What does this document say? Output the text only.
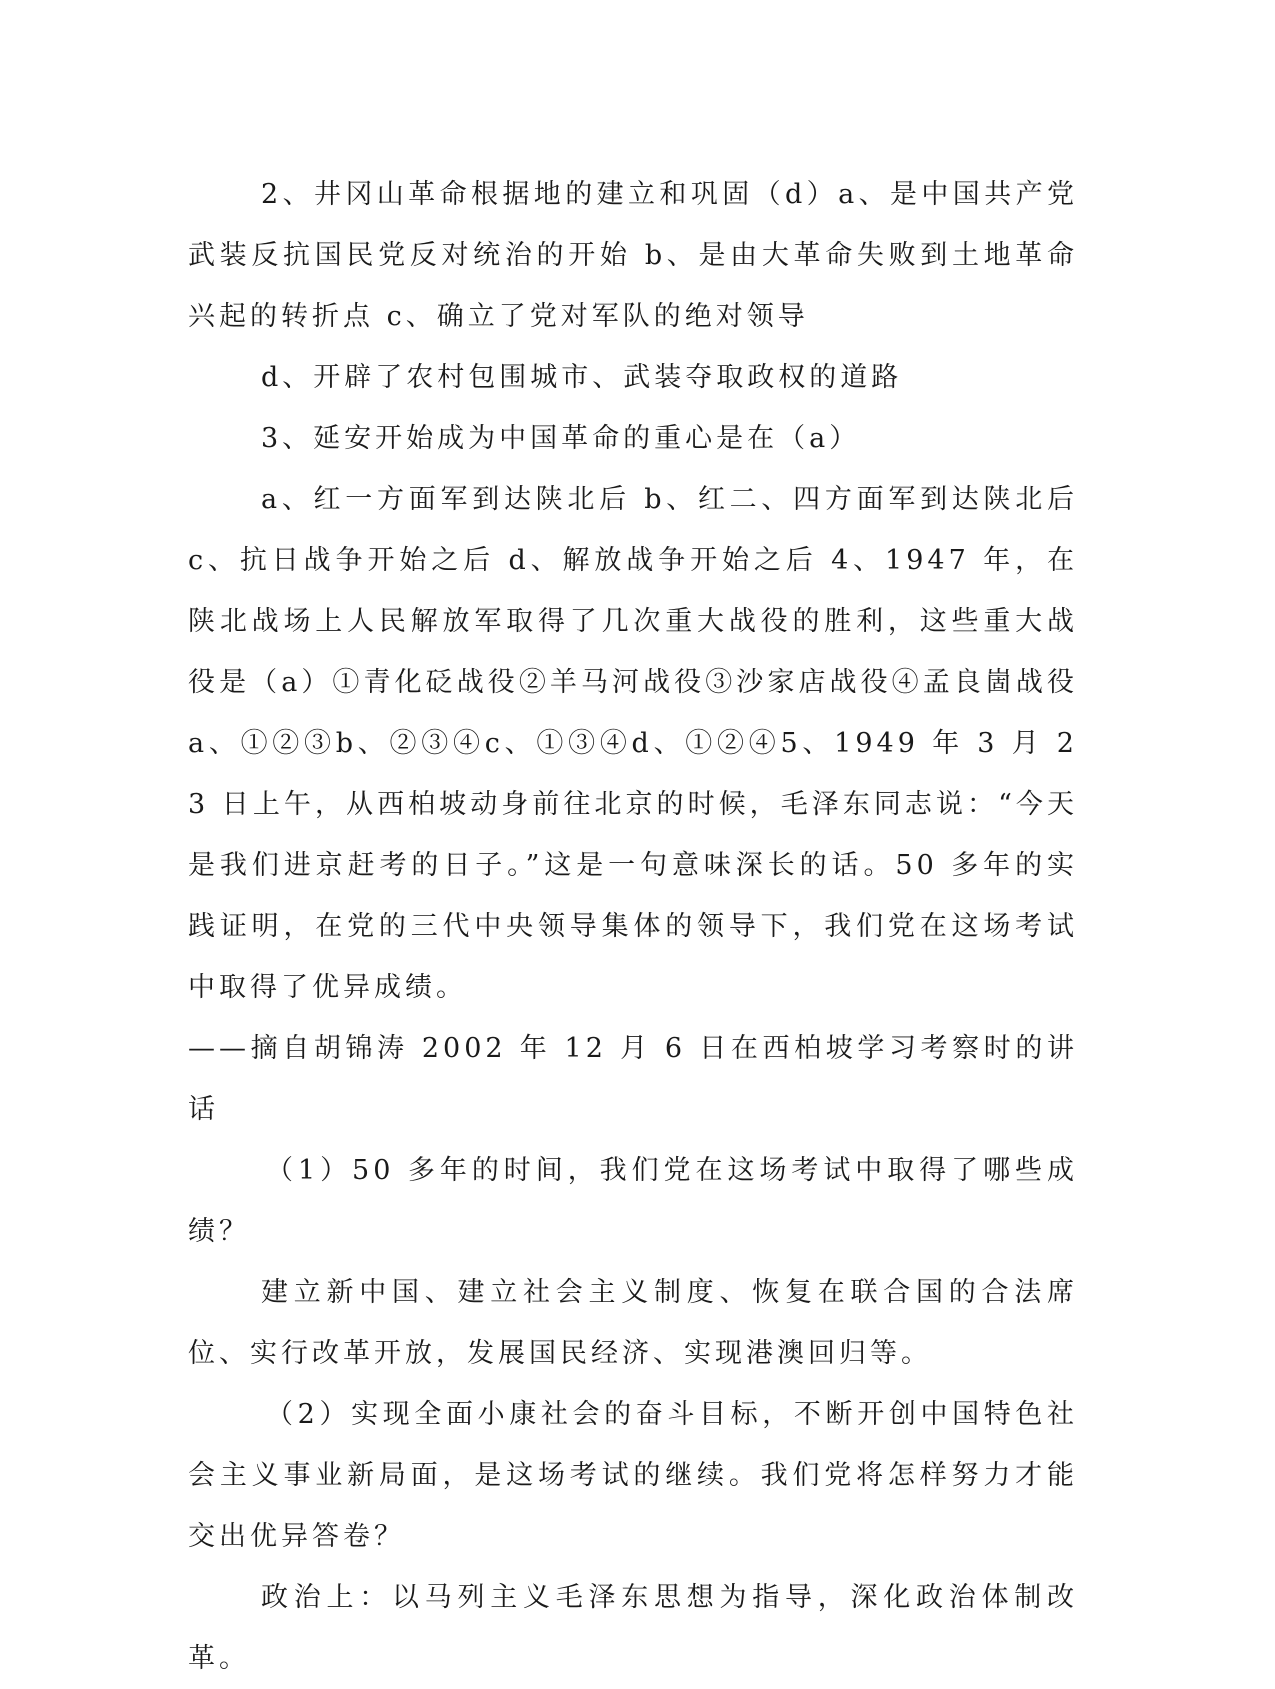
2、井冈山革命根据地的建立和巩固（d）a、是中国共产党武装反抗国民党反对统治的开始 b、是由大革命失败到土地革命兴起的转折点 c、确立了党对军队的绝对领导

d、开辟了农村包围城市、武装夺取政权的道路

3、延安开始成为中国革命的重心是在（a）

a、红一方面军到达陕北后 b、红二、四方面军到达陕北后 c、抗日战争开始之后 d、解放战争开始之后 4、1947 年，在陕北战场上人民解放军取得了几次重大战役的胜利，这些重大战役是（a）①青化砭战役②羊马河战役③沙家店战役④孟良崮战役 a、①②③b、②③④c、①③④d、①②④5、1949 年 3 月 23 日上午，从西柏坡动身前往北京的时候，毛泽东同志说：“今天是我们进京赶考的日子。”这是一句意味深长的话。50 多年的实践证明，在党的三代中央领导集体的领导下，我们党在这场考试中取得了优异成绩。

——摘自胡锦涛 2002 年 12 月 6 日在西柏坡学习考察时的讲话

（1）50 多年的时间，我们党在这场考试中取得了哪些成绩？

建立新中国、建立社会主义制度、恢复在联合国的合法席位、实行改革开放，发展国民经济、实现港澳回归等。

（2）实现全面小康社会的奋斗目标，不断开创中国特色社会主义事业新局面，是这场考试的继续。我们党将怎样努力才能交出优异答卷？

政治上：以马列主义毛泽东思想为指导，深化政治体制改革。
